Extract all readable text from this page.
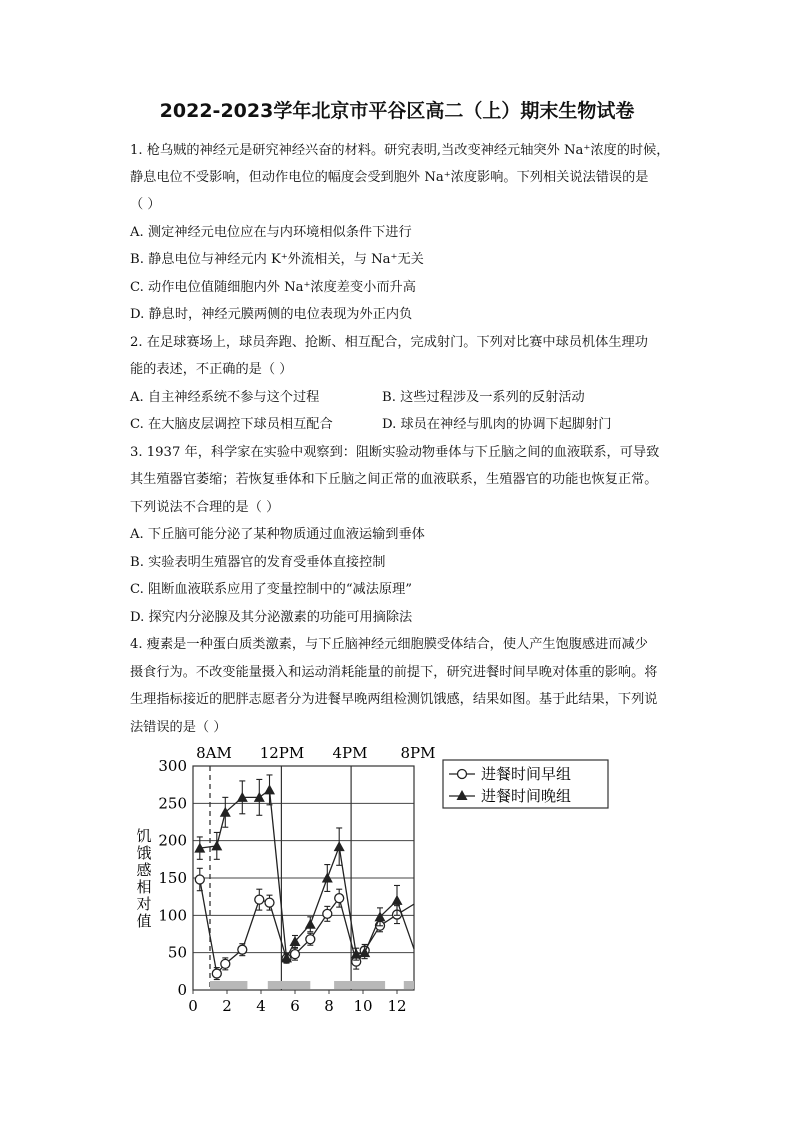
2022-2023学年北京市平谷区高二（上）期末生物试卷
1. 枪乌贼的神经元是研究神经兴奋的材料。研究表明,当改变神经元轴突外 Na⁺浓度的时候，
静息电位不受影响，但动作电位的幅度会受到胞外 Na⁺浓度影响。下列相关说法错误的是
（ ）
A. 测定神经元电位应在与内环境相似条件下进行
B. 静息电位与神经元内 K⁺外流相关，与 Na⁺无关
C. 动作电位值随细胞内外 Na⁺浓度差变小而升高
D. 静息时，神经元膜两侧的电位表现为外正内负
2. 在足球赛场上，球员奔跑、抢断、相互配合，完成射门。下列对比赛中球员机体生理功
能的表述，不正确的是（ ）
A. 自主神经系统不参与这个过程	B. 这些过程涉及一系列的反射活动
C. 在大脑皮层调控下球员相互配合	D. 球员在神经与肌肉的协调下起脚射门
3. 1937 年，科学家在实验中观察到：阻断实验动物垂体与下丘脑之间的血液联系，可导致
其生殖器官萎缩；若恢复垂体和下丘脑之间正常的血液联系，生殖器官的功能也恢复正常。
下列说法不合理的是（ ）
A. 下丘脑可能分泌了某种物质通过血液运输到垂体
B. 实验表明生殖器官的发育受垂体直接控制
C. 阻断血液联系应用了变量控制中的“减法原理”
D. 探究内分泌腺及其分泌激素的功能可用摘除法
4. 瘦素是一种蛋白质类激素，与下丘脑神经元细胞膜受体结合，使人产生饱腹感进而减少
摄食行为。不改变能量摄入和运动消耗能量的前提下，研究进餐时间早晚对体重的影响。将
生理指标接近的肥胖志愿者分为进餐早晚两组检测饥饿感，结果如图。基于此结果，下列说
法错误的是（ ）
0
50
100
150
200
250
300
0 2 4 6 8 10 12
8AM 12PM 4PM 8PM
饥
饿
感
相
对
值
进餐时间早组
进餐时间晚组
